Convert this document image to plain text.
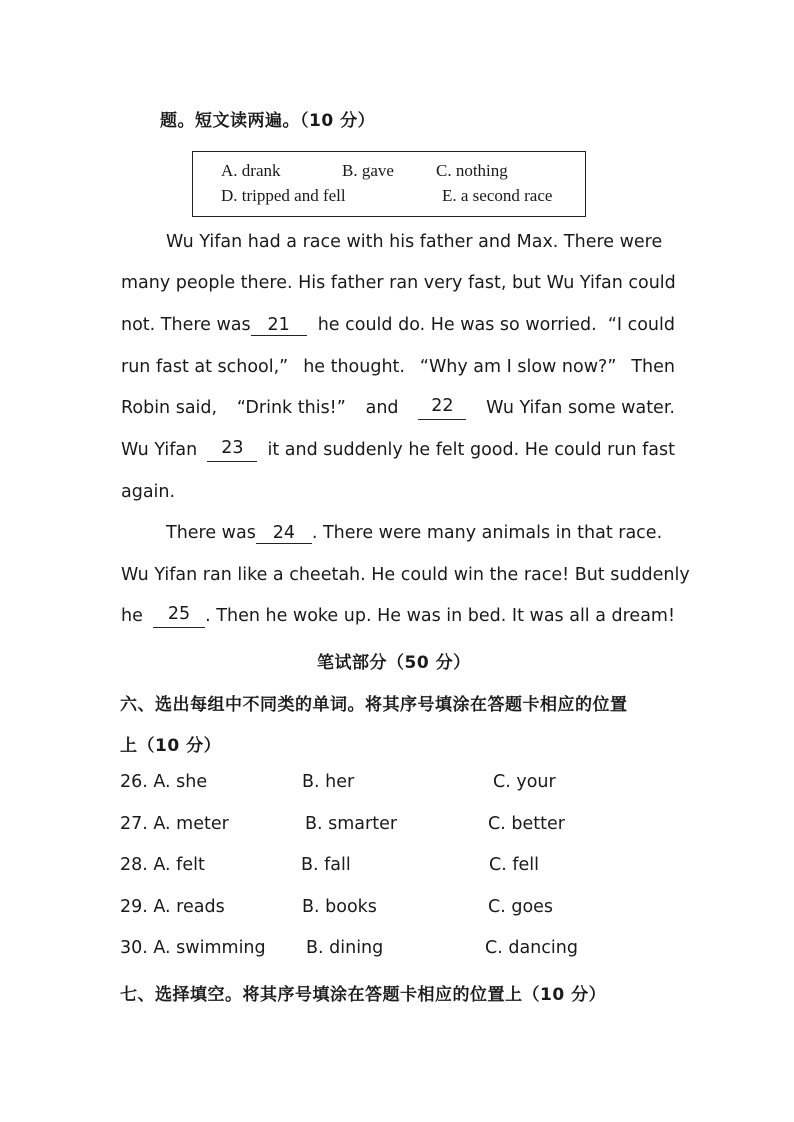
题。短文读两遍。（10 分）
A. drank	B. gave C. nothing
D. tripped and fell	E. a second race
Wu Yifan had a race with his father and Max. There were
many people there. His father ran very fast, but Wu Yifan could
not. There was 21	he could do. He was so worried. “I could
run fast at school,” he thought. “Why am I slow now?” Then
Robin said, “Drink this!” and	22	Wu Yifan some water.
Wu Yifan	23	it and suddenly he felt good. He could run fast
again.
There was 24 . There were many animals in that race.
Wu Yifan ran like a cheetah. He could win the race! But suddenly
he	25 . Then he woke up. He was in bed. It was all a dream!
笔试部分（50 分）
六、选出每组中不同类的单词。将其序号填涂在答题卡相应的位置
上（10 分）
26. A. she	B. her	C. your
27. A. meter	B. smarter	C. better
28. A. felt	B. fall	C. fell
29. A. reads	B. books	C. goes
30. A. swimming B. dining	C. dancing
七、选择填空。将其序号填涂在答题卡相应的位置上（10 分）
